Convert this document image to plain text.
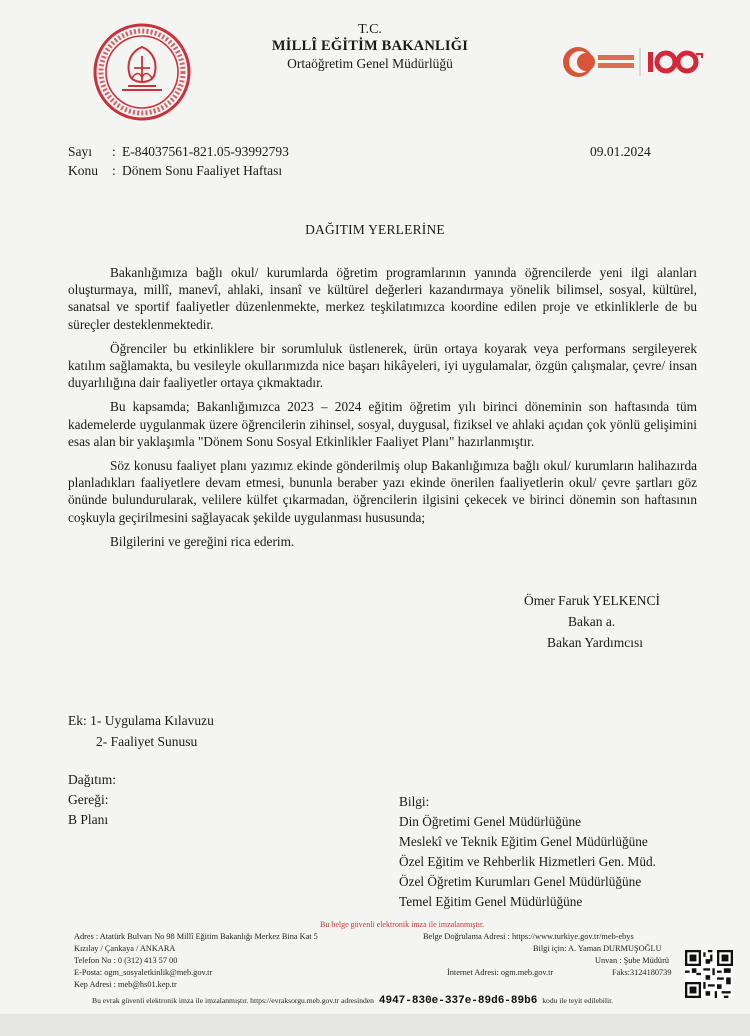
T.C.
MİLLÎ EĞİTİM BAKANLIĞI
Ortaöğretim Genel Müdürlüğü
Sayı : E-84037561-821.05-93992793
Konu : Dönem Sonu Faaliyet Haftası
09.01.2024
DAĞITIM YERLERİNE

Bakanlığımıza bağlı okul/ kurumlarda öğretim programlarının yanında öğrencilerde yeni ilgi alanları oluşturmaya, millî, manevî, ahlaki, insanî ve kültürel değerleri kazandırmaya yönelik bilimsel, sosyal, kültürel, sanatsal ve sportif faaliyetler düzenlenmekte, merkez teşkilatımızca koordine edilen proje ve etkinliklerle de bu süreçler desteklenmektedir.

Öğrenciler bu etkinliklere bir sorumluluk üstlenerek, ürün ortaya koyarak veya performans sergileyerek katılım sağlamakta, bu vesileyle okullarımızda nice başarı hikâyeleri, iyi uygulamalar, özgün çalışmalar, çevre/ insan duyarlılığına dair faaliyetler ortaya çıkmaktadır.

Bu kapsamda; Bakanlığımızca 2023 – 2024 eğitim öğretim yılı birinci döneminin son haftasında tüm kademelerde uygulanmak üzere öğrencilerin zihinsel, sosyal, duygusal, fiziksel ve ahlaki açıdan çok yönlü gelişimini esas alan bir yaklaşımla "Dönem Sonu Sosyal Etkinlikler Faaliyet Planı" hazırlanmıştır.

Söz konusu faaliyet planı yazımız ekinde gönderilmiş olup Bakanlığımıza bağlı okul/ kurumların halihazırda planladıkları faaliyetlere devam etmesi, bununla beraber yazı ekinde önerilen faaliyetlerin okul/ çevre şartları göz önünde bulundurularak, velilere külfet çıkarmadan, öğrencilerin ilgisini çekecek ve birinci dönemin son haftasının coşkuyla geçirilmesini sağlayacak şekilde uygulanması hususunda;

Bilgilerini ve gereğini rica ederim.

Ömer Faruk YELKENCİ
Bakan a.
Bakan Yardımcısı
Ek: 1- Uygulama Kılavuzu
2- Faaliyet Sunusu
Dağıtım:
Gereği:
B Planı
Bilgi:
Din Öğretimi Genel Müdürlüğüne
Meslekî ve Teknik Eğitim Genel Müdürlüğüne
Özel Eğitim ve Rehberlik Hizmetleri Gen. Müd.
Özel Öğretim Kurumları Genel Müdürlüğüne
Temel Eğitim Genel Müdürlüğüne
Bu belge güvenli elektronik imza ile imzalanmıştır.
Adres : Atatürk Bulvarı No 98 Millî Eğitim Bakanlığı Merkez Bina Kat 5
Kızılay / Çankaya / ANKARA
Telefon No : 0 (312) 413 57 00
E-Posta: ogm_sosyaletkinlik@meb.gov.tr
Kep Adresi : meb@hs01.kep.tr
Belge Doğrulama Adresi : https://www.turkiye.gov.tr/meb-ebys
Bilgi için: A. Yaman DURMUŞOĞLU
Unvan : Şube Müdürü
İnternet Adresi: ogm.meb.gov.tr	Faks:3124180739
Bu evrak güvenli elektronik imza ile imzalanmıştır. https://evraksorgu.meb.gov.tr adresinden 4947-830e-337e-89d6-89b6 kodu ile teyit edilebilir.
